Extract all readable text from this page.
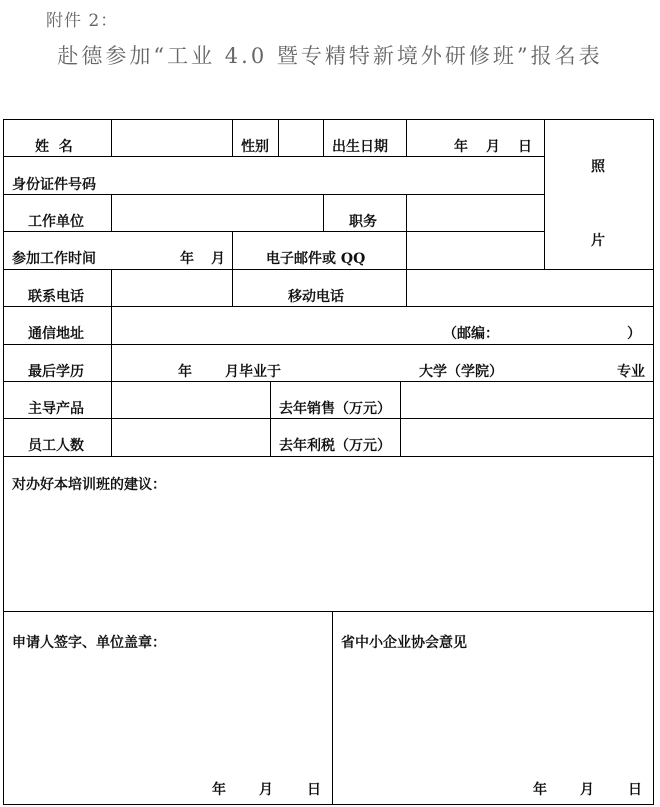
附件 2：
赴德参加“工业 4.0 暨专精特新境外研修班”报名表
姓  名	性别	出生日期	年 月 日
照
片
身份证件号码
工作单位	职务
参加工作时间	年 月	电子邮件或 QQ
联系电话	移动电话
通信地址	（邮编：	）
最后学历	年 月毕业于	大学（学院）	专业
主导产品	去年销售（万元）
员工人数	去年利税（万元）
对办好本培训班的建议：
申请人签字、单位盖章：	省中小企业协会意见
年 月 日	年 月 日
